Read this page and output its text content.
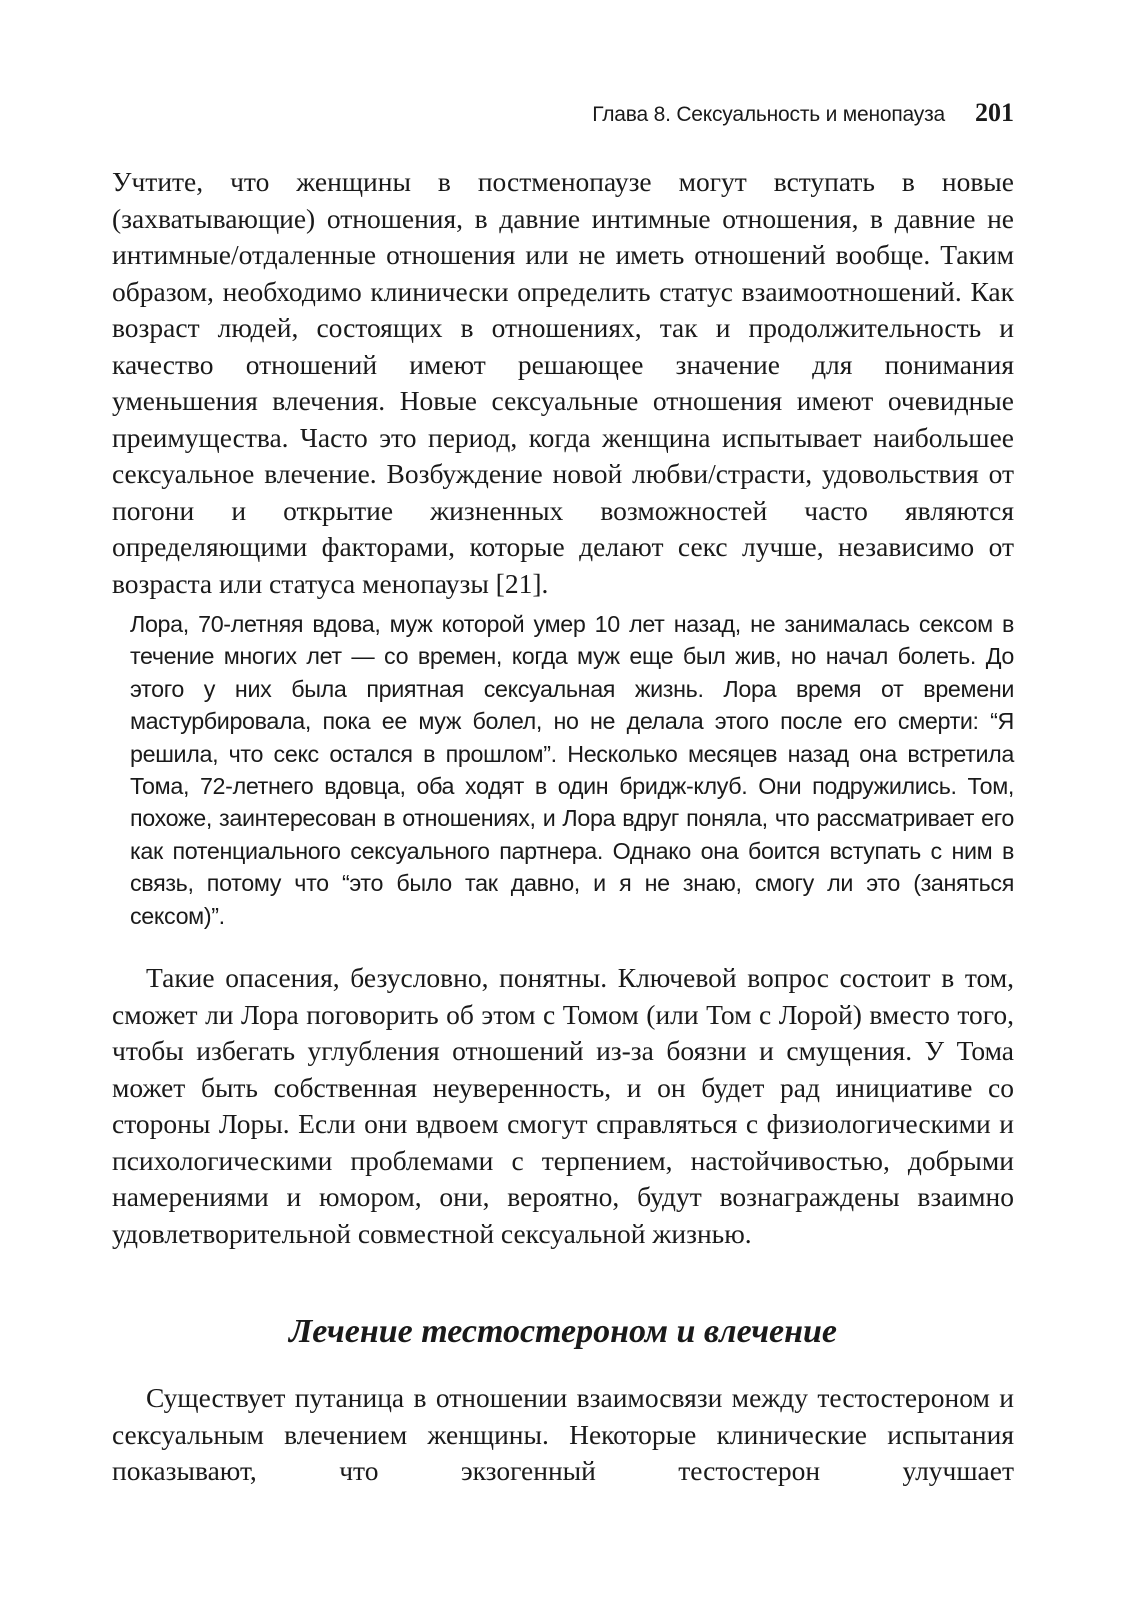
Глава 8. Сексуальность и менопауза 201

Учтите, что женщины в постменопаузе могут вступать в новые (захватывающие) отношения, в давние интимные отношения, в давние не интимные/отдаленные отношения или не иметь отношений вообще. Таким образом, необходимо клинически определить статус взаимоотношений. Как возраст людей, состоящих в отношениях, так и продолжительность и качество отношений имеют решающее значение для понимания уменьшения влечения. Новые сексуальные отношения имеют очевидные преимущества. Часто это период, когда женщина испытывает наибольшее сексуальное влечение. Возбуждение новой любви/страсти, удовольствия от погони и открытие жизненных возможностей часто являются определяющими факторами, которые делают секс лучше, независимо от возраста или статуса менопаузы [21].

Лора, 70-летняя вдова, муж которой умер 10 лет назад, не занималась сексом в течение многих лет — со времен, когда муж еще был жив, но начал болеть. До этого у них была приятная сексуальная жизнь. Лора время от времени мастурбировала, пока ее муж болел, но не делала этого после его смерти: “Я решила, что секс остался в прошлом”. Несколько месяцев назад она встретила Тома, 72-летнего вдовца, оба ходят в один бридж-клуб. Они подружились. Том, похоже, заинтересован в отношениях, и Лора вдруг поняла, что рассматривает его как потенциального сексуального партнера. Однако она боится вступать с ним в связь, потому что “это было так давно, и я не знаю, смогу ли это (заняться сексом)”.

Такие опасения, безусловно, понятны. Ключевой вопрос состоит в том, сможет ли Лора поговорить об этом с Томом (или Том с Лорой) вместо того, чтобы избегать углубления отношений из-за боязни и смущения. У Тома может быть собственная неуверенность, и он будет рад инициативе со стороны Лоры. Если они вдвоем смогут справляться с физиологическими и психологическими проблемами с терпением, настойчивостью, добрыми намерениями и юмором, они, вероятно, будут вознаграждены взаимно удовлетворительной совместной сексуальной жизнью.

Лечение тестостероном и влечение

Существует путаница в отношении взаимосвязи между тестостероном и сексуальным влечением женщины. Некоторые клинические испытания показывают, что экзогенный тестостерон улучшает
